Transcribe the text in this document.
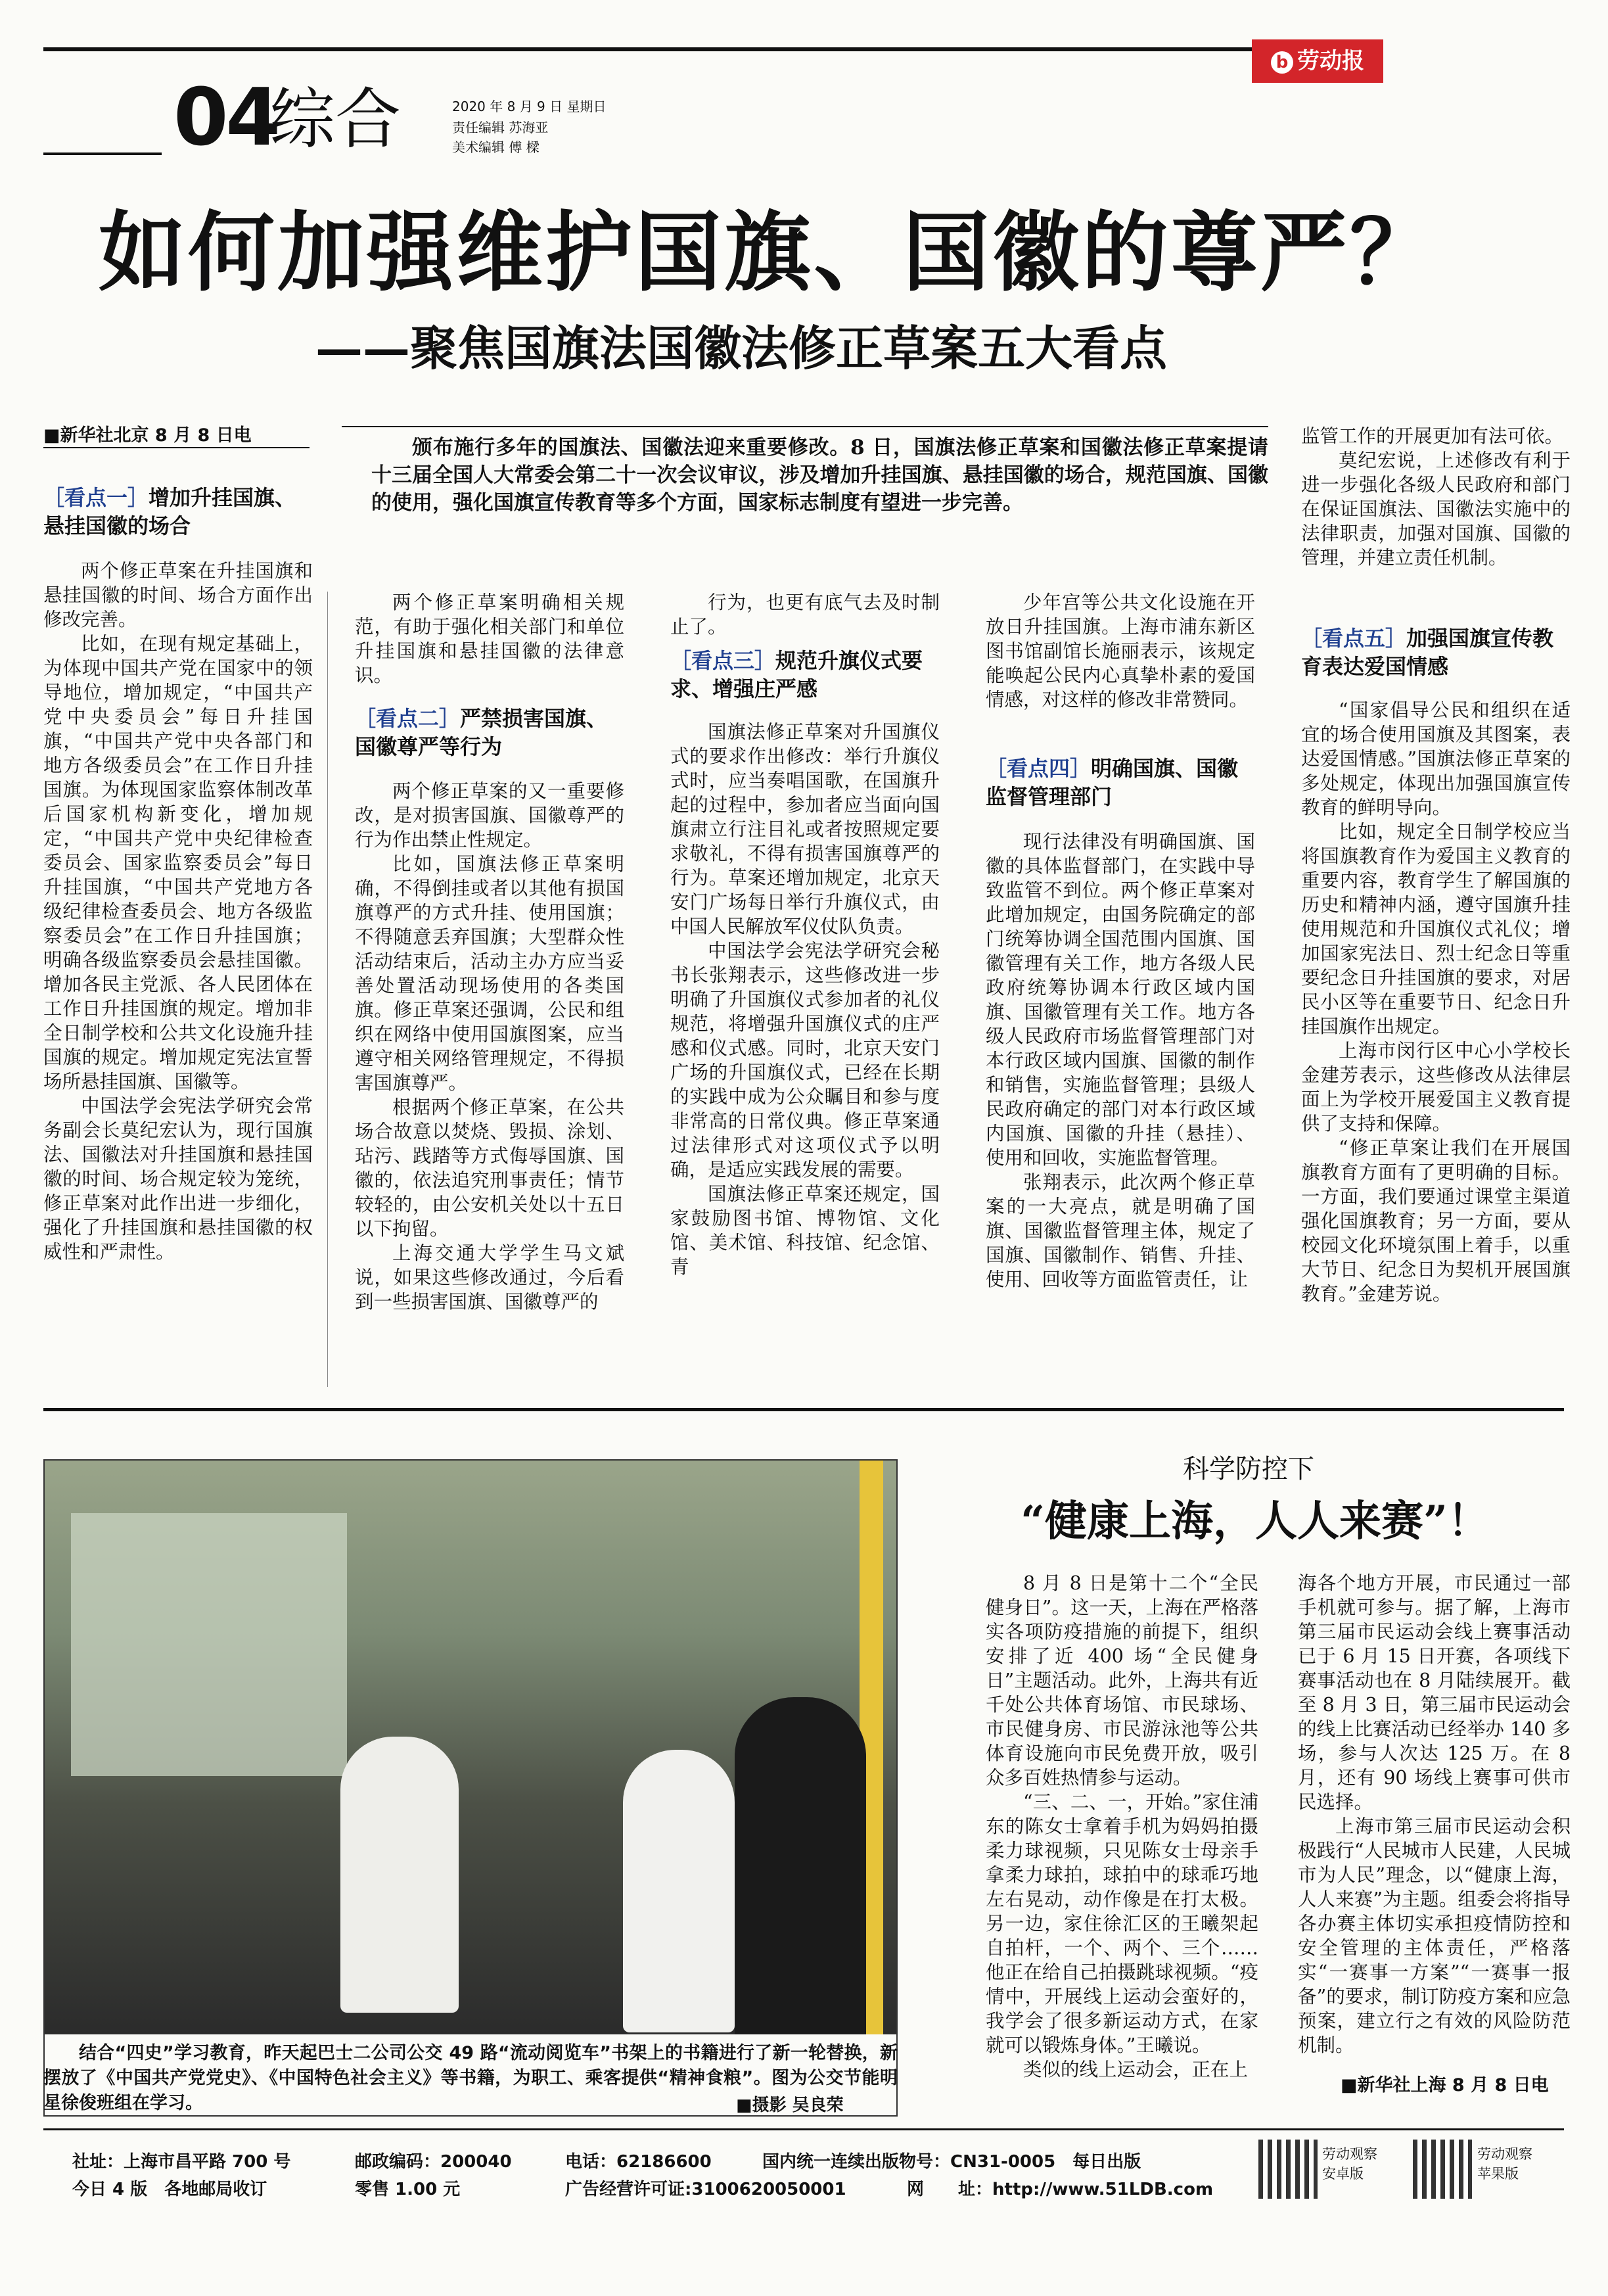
b 劳动报
04
综合	2020 年 8 月 9 日 星期日
责任编辑 苏海亚
美术编辑 傅 樑
如何加强维护国旗、国徽的尊严？
——聚焦国旗法国徽法修正草案五大看点
■新华社北京 8 月 8 日电
颁布施行多年的国旗法、国徽法迎来重要修改。8 日，国旗法修正草案和国徽法修正草案提请十三届全国人大常委会第二十一次会议审议，涉及增加升挂国旗、悬挂国徽的场合，规范国旗、国徽的使用，强化国旗宣传教育等多个方面，国家标志制度有望进一步完善。
［看点一］增加升挂国旗、悬挂国徽的场合

两个修正草案在升挂国旗和悬挂国徽的时间、场合方面作出修改完善。

比如，在现有规定基础上，为体现中国共产党在国家中的领导地位，增加规定，“中国共产党中央委员会”每日升挂国旗，“中国共产党中央各部门和地方各级委员会”在工作日升挂国旗。为体现国家监察体制改革后国家机构新变化，增加规定，“中国共产党中央纪律检查委员会、国家监察委员会”每日升挂国旗，“中国共产党地方各级纪律检查委员会、地方各级监察委员会”在工作日升挂国旗；明确各级监察委员会悬挂国徽。增加各民主党派、各人民团体在工作日升挂国旗的规定。增加非全日制学校和公共文化设施升挂国旗的规定。增加规定宪法宣誓场所悬挂国旗、国徽等。

中国法学会宪法学研究会常务副会长莫纪宏认为，现行国旗法、国徽法对升挂国旗和悬挂国徽的时间、场合规定较为笼统，修正草案对此作出进一步细化，强化了升挂国旗和悬挂国徽的权威性和严肃性。

两个修正草案明确相关规范，有助于强化相关部门和单位升挂国旗和悬挂国徽的法律意识。

［看点二］严禁损害国旗、国徽尊严等行为

两个修正草案的又一重要修改，是对损害国旗、国徽尊严的行为作出禁止性规定。

比如，国旗法修正草案明确，不得倒挂或者以其他有损国旗尊严的方式升挂、使用国旗；不得随意丢弃国旗；大型群众性活动结束后，活动主办方应当妥善处置活动现场使用的各类国旗。修正草案还强调，公民和组织在网络中使用国旗图案，应当遵守相关网络管理规定，不得损害国旗尊严。

根据两个修正草案，在公共场合故意以焚烧、毁损、涂划、玷污、践踏等方式侮辱国旗、国徽的，依法追究刑事责任；情节较轻的，由公安机关处以十五日以下拘留。

上海交通大学学生马文斌说，如果这些修改通过，今后看到一些损害国旗、国徽尊严的

行为，也更有底气去及时制止了。

［看点三］规范升旗仪式要求、增强庄严感

国旗法修正草案对升国旗仪式的要求作出修改：举行升旗仪式时，应当奏唱国歌，在国旗升起的过程中，参加者应当面向国旗肃立行注目礼或者按照规定要求敬礼，不得有损害国旗尊严的行为。草案还增加规定，北京天安门广场每日举行升旗仪式，由中国人民解放军仪仗队负责。

中国法学会宪法学研究会秘书长张翔表示，这些修改进一步明确了升国旗仪式参加者的礼仪规范，将增强升国旗仪式的庄严感和仪式感。同时，北京天安门广场的升国旗仪式，已经在长期的实践中成为公众瞩目和参与度非常高的日常仪典。修正草案通过法律形式对这项仪式予以明确，是适应实践发展的需要。

国旗法修正草案还规定，国家鼓励图书馆、博物馆、文化馆、美术馆、科技馆、纪念馆、青

少年宫等公共文化设施在开放日升挂国旗。上海市浦东新区图书馆副馆长施丽表示，该规定能唤起公民内心真挚朴素的爱国情感，对这样的修改非常赞同。

［看点四］明确国旗、国徽监督管理部门

现行法律没有明确国旗、国徽的具体监督部门，在实践中导致监管不到位。两个修正草案对此增加规定，由国务院确定的部门统筹协调全国范围内国旗、国徽管理有关工作，地方各级人民政府统筹协调本行政区域内国旗、国徽管理有关工作。地方各级人民政府市场监督管理部门对本行政区域内国旗、国徽的制作和销售，实施监督管理；县级人民政府确定的部门对本行政区域内国旗、国徽的升挂（悬挂）、使用和回收，实施监督管理。

张翔表示，此次两个修正草案的一大亮点，就是明确了国旗、国徽监督管理主体，规定了国旗、国徽制作、销售、升挂、使用、回收等方面监管责任，让

监管工作的开展更加有法可依。

莫纪宏说，上述修改有利于进一步强化各级人民政府和部门在保证国旗法、国徽法实施中的法律职责，加强对国旗、国徽的管理，并建立责任机制。

［看点五］加强国旗宣传教育表达爱国情感

“国家倡导公民和组织在适宜的场合使用国旗及其图案，表达爱国情感。”国旗法修正草案的多处规定，体现出加强国旗宣传教育的鲜明导向。

比如，规定全日制学校应当将国旗教育作为爱国主义教育的重要内容，教育学生了解国旗的历史和精神内涵，遵守国旗升挂使用规范和升国旗仪式礼仪；增加国家宪法日、烈士纪念日等重要纪念日升挂国旗的要求，对居民小区等在重要节日、纪念日升挂国旗作出规定。

上海市闵行区中心小学校长金建芳表示，这些修改从法律层面上为学校开展爱国主义教育提供了支持和保障。

“修正草案让我们在开展国旗教育方面有了更明确的目标。一方面，我们要通过课堂主渠道强化国旗教育；另一方面，要从校园文化环境氛围上着手，以重大节日、纪念日为契机开展国旗教育。”金建芳说。

结合“四史”学习教育，昨天起巴士二公司公交 49 路“流动阅览车”书架上的书籍进行了新一轮替换，新摆放了《中国共产党党史》、《中国特色社会主义》等书籍，为职工、乘客提供“精神食粮”。图为公交节能明星徐俊班组在学习。	■摄影 吴良荣
科学防控下
“健康上海，人人来赛”！

8 月 8 日是第十二个“全民健身日”。这一天，上海在严格落实各项防疫措施的前提下，组织安排了近 400 场“全民健身日”主题活动。此外，上海共有近千处公共体育场馆、市民球场、市民健身房、市民游泳池等公共体育设施向市民免费开放，吸引众多百姓热情参与运动。

“三、二、一，开始。”家住浦东的陈女士拿着手机为妈妈拍摄柔力球视频，只见陈女士母亲手拿柔力球拍，球拍中的球乖巧地左右晃动，动作像是在打太极。另一边，家住徐汇区的王曦架起自拍杆，一个、两个、三个……他正在给自己拍摄跳球视频。“疫情中，开展线上运动会蛮好的，我学会了很多新运动方式，在家就可以锻炼身体。”王曦说。

类似的线上运动会，正在上

海各个地方开展，市民通过一部手机就可参与。据了解，上海市第三届市民运动会线上赛事活动已于 6 月 15 日开赛，各项线下赛事活动也在 8 月陆续展开。截至 8 月 3 日，第三届市民运动会的线上比赛活动已经举办 140 多场，参与人次达 125 万。在 8 月，还有 90 场线上赛事可供市民选择。

上海市第三届市民运动会积极践行“人民城市人民建，人民城市为人民”理念，以“健康上海，人人来赛”为主题。组委会将指导各办赛主体切实承担疫情防控和安全管理的主体责任，严格落实“一赛事一方案”“一赛事一报备”的要求，制订防疫方案和应急预案，建立行之有效的风险防范机制。

■新华社上海 8 月 8 日电
社址：上海市昌平路 700 号
今日 4 版　各地邮局收订
邮政编码：200040
零售 1.00 元
电话：62186600
广告经营许可证:3100620050001
国内统一连续出版物号：CN31-0005　每日出版
网　　址：http://www.51LDB.com
劳动观察 安卓版
劳动观察 苹果版
